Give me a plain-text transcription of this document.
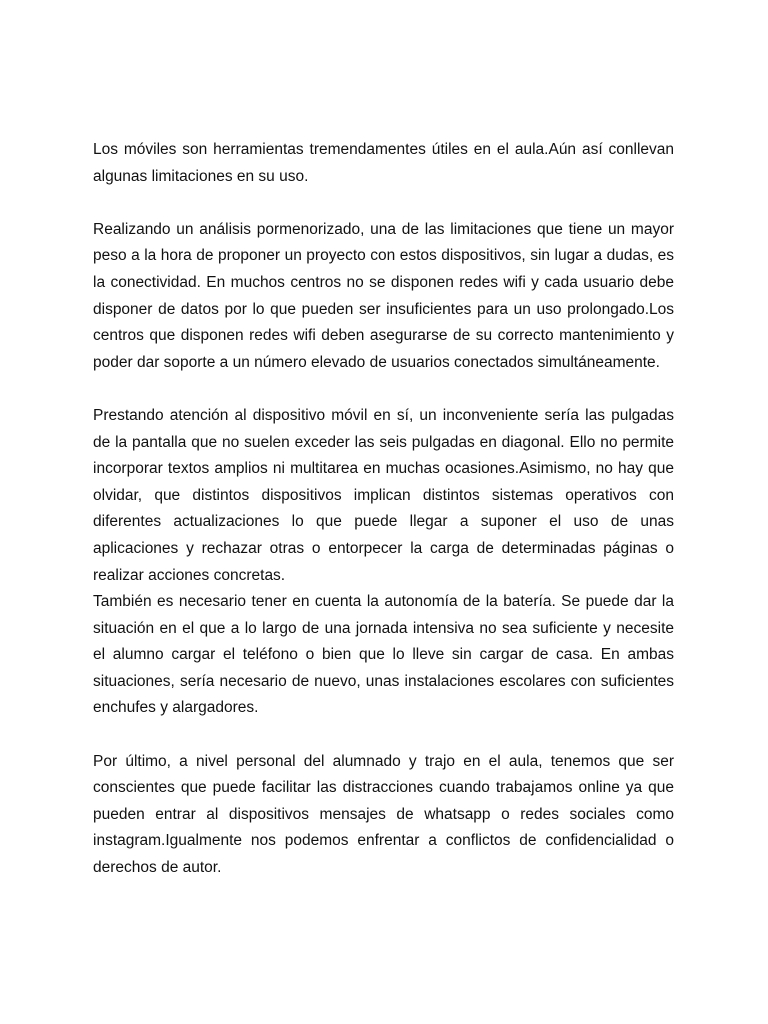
Los móviles son herramientas tremendamentes útiles en el aula.Aún así conllevan algunas limitaciones en su uso.

Realizando un análisis pormenorizado, una de las limitaciones que tiene un mayor peso a la hora de proponer un proyecto con estos dispositivos, sin lugar a dudas, es la conectividad. En muchos centros no se disponen redes wifi y cada usuario debe disponer de datos por lo que pueden ser insuficientes para un uso prolongado.Los centros que disponen redes wifi deben asegurarse de su correcto mantenimiento y poder dar soporte a un número elevado de usuarios conectados simultáneamente.

Prestando atención al dispositivo móvil en sí, un inconveniente sería las pulgadas de la pantalla que no suelen exceder las seis pulgadas en diagonal. Ello no permite incorporar textos amplios ni multitarea en muchas ocasiones.Asimismo, no hay que olvidar, que distintos dispositivos implican distintos sistemas operativos con diferentes actualizaciones lo que puede llegar a suponer el uso de unas aplicaciones y rechazar otras o entorpecer la carga de determinadas páginas o realizar acciones concretas.

También es necesario tener en cuenta la autonomía de la batería. Se puede dar la situación en el que a lo largo de una jornada intensiva no sea suficiente y necesite el alumno cargar el teléfono o bien que lo lleve sin cargar de casa. En ambas situaciones, sería necesario de nuevo, unas instalaciones escolares con suficientes enchufes y alargadores.

Por último, a nivel personal del alumnado y trajo en el aula, tenemos que ser conscientes que puede facilitar las distracciones cuando trabajamos online ya que pueden entrar al dispositivos mensajes de whatsapp o redes sociales como instagram.Igualmente nos podemos enfrentar a conflictos de confidencialidad o derechos de autor.
